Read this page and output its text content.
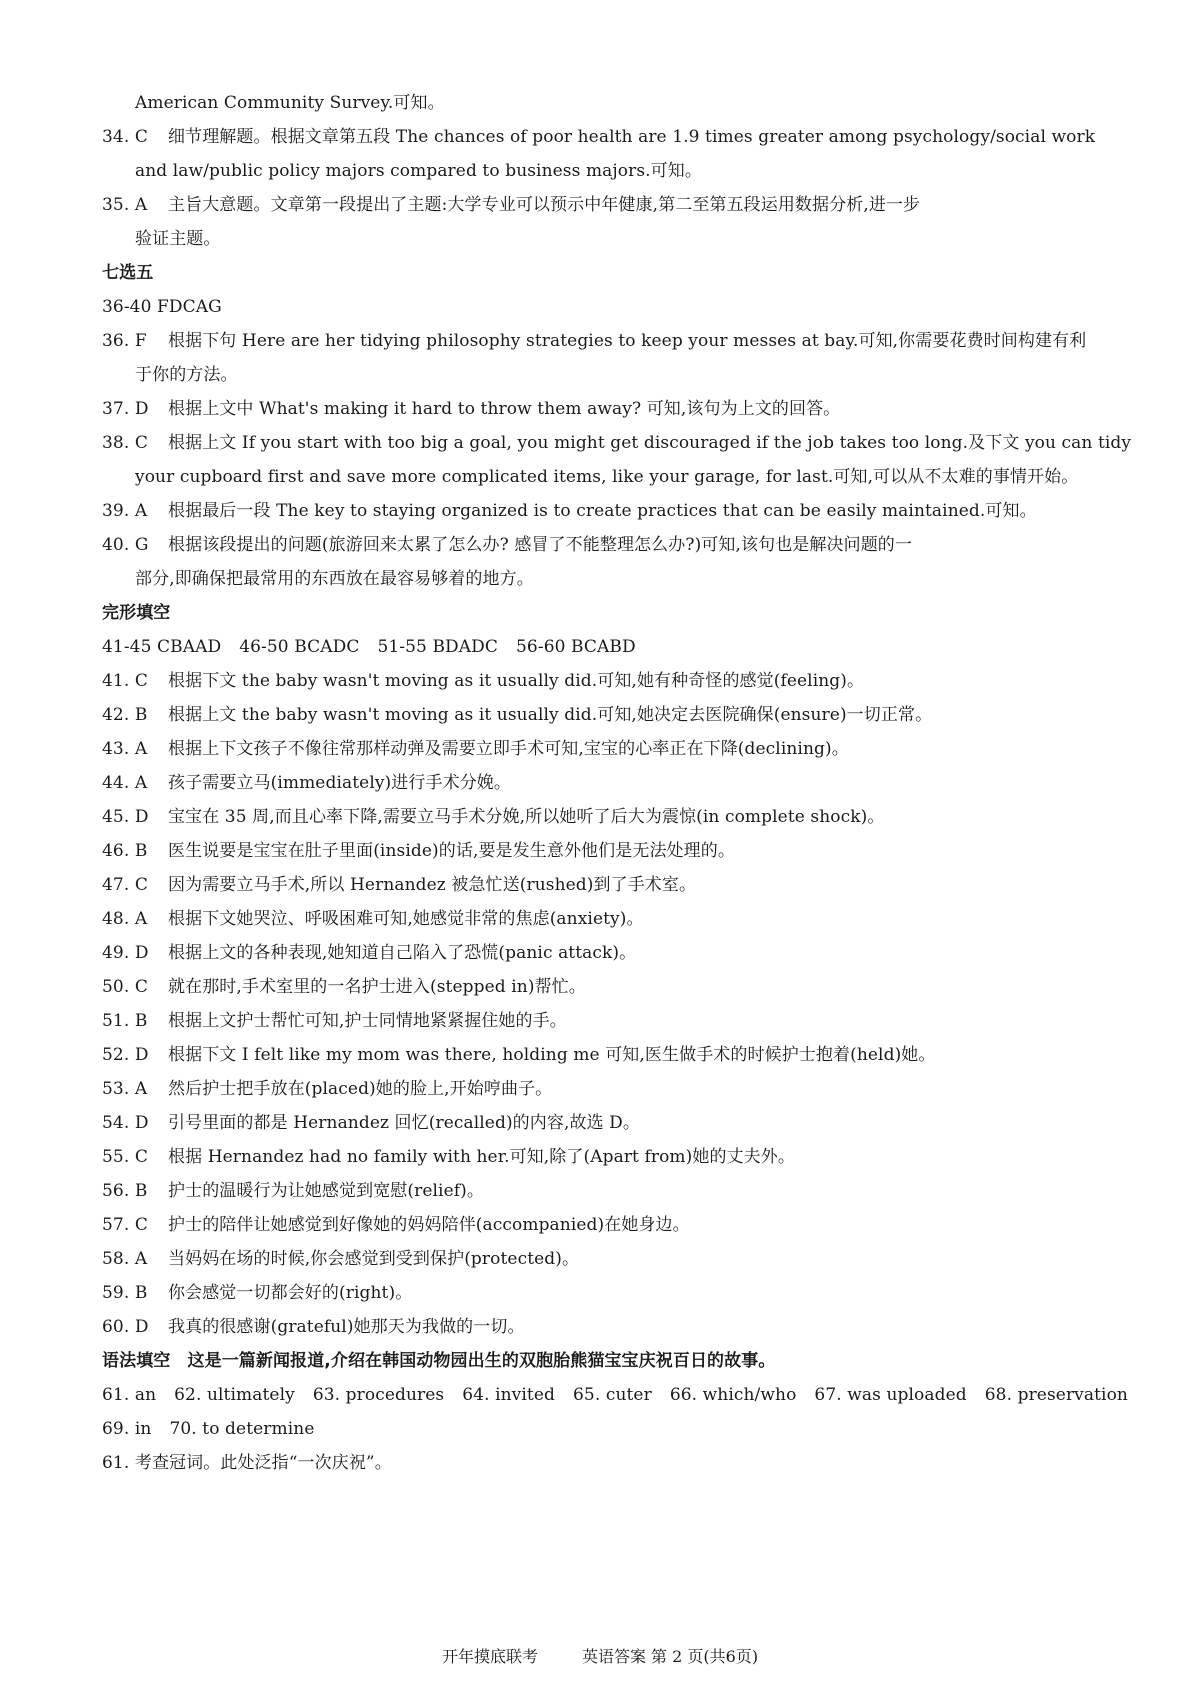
American Community Survey.可知。
34. C 细节理解题。根据文章第五段 The chances of poor health are 1.9 times greater among psychology/social work
and law/public policy majors compared to business majors.可知。
35. A 主旨大意题。文章第一段提出了主题:大学专业可以预示中年健康,第二至第五段运用数据分析,进一步
验证主题。
七选五
36-40 FDCAG
36. F 根据下句 Here are her tidying philosophy strategies to keep your messes at bay.可知,你需要花费时间构建有利
于你的方法。
37. D 根据上文中 What's making it hard to throw them away? 可知,该句为上文的回答。
38. C 根据上文 If you start with too big a goal, you might get discouraged if the job takes too long.及下文 you can tidy
your cupboard first and save more complicated items, like your garage, for last.可知,可以从不太难的事情开始。
39. A 根据最后一段 The key to staying organized is to create practices that can be easily maintained.可知。
40. G 根据该段提出的问题(旅游回来太累了怎么办? 感冒了不能整理怎么办?)可知,该句也是解决问题的一
部分,即确保把最常用的东西放在最容易够着的地方。
完形填空
41-45 CBAAD 46-50 BCADC 51-55 BDADC 56-60 BCABD
41. C 根据下文 the baby wasn't moving as it usually did.可知,她有种奇怪的感觉(feeling)。
42. B 根据上文 the baby wasn't moving as it usually did.可知,她决定去医院确保(ensure)一切正常。
43. A 根据上下文孩子不像往常那样动弹及需要立即手术可知,宝宝的心率正在下降(declining)。
44. A 孩子需要立马(immediately)进行手术分娩。
45. D 宝宝在 35 周,而且心率下降,需要立马手术分娩,所以她听了后大为震惊(in complete shock)。
46. B 医生说要是宝宝在肚子里面(inside)的话,要是发生意外他们是无法处理的。
47. C 因为需要立马手术,所以 Hernandez 被急忙送(rushed)到了手术室。
48. A 根据下文她哭泣、呼吸困难可知,她感觉非常的焦虑(anxiety)。
49. D 根据上文的各种表现,她知道自己陷入了恐慌(panic attack)。
50. C 就在那时,手术室里的一名护士进入(stepped in)帮忙。
51. B 根据上文护士帮忙可知,护士同情地紧紧握住她的手。
52. D 根据下文 I felt like my mom was there, holding me 可知,医生做手术的时候护士抱着(held)她。
53. A 然后护士把手放在(placed)她的脸上,开始哼曲子。
54. D 引号里面的都是 Hernandez 回忆(recalled)的内容,故选 D。
55. C 根据 Hernandez had no family with her.可知,除了(Apart from)她的丈夫外。
56. B 护士的温暖行为让她感觉到宽慰(relief)。
57. C 护士的陪伴让她感觉到好像她的妈妈陪伴(accompanied)在她身边。
58. A 当妈妈在场的时候,你会感觉到受到保护(protected)。
59. B 你会感觉一切都会好的(right)。
60. D 我真的很感谢(grateful)她那天为我做的一切。
语法填空　这是一篇新闻报道,介绍在韩国动物园出生的双胞胎熊猫宝宝庆祝百日的故事。
61. an 62. ultimately 63. procedures 64. invited 65. cuter 66. which/who 67. was uploaded 68. preservation
69. in 70. to determine
61. 考查冠词。此处泛指“一次庆祝”。
开年摸底联考	英语答案 第 2 页(共6页)
